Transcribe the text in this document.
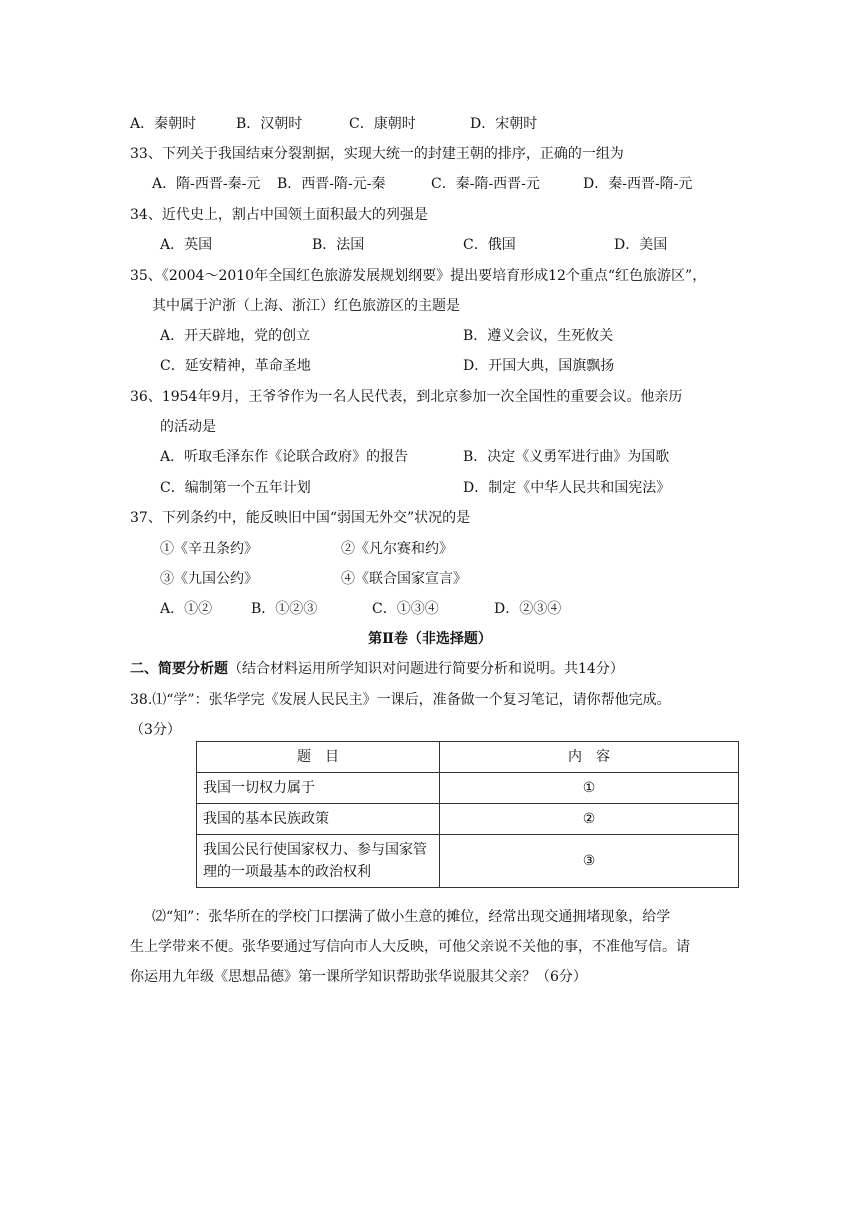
A．秦朝时	B．汉朝时	C．康朝时	D．宋朝时
33、下列关于我国结束分裂割据，实现大统一的封建王朝的排序，正确的一组为
A．隋-西晋-秦-元 B．西晋-隋-元-秦	C．秦-隋-西晋-元	D．秦-西晋-隋-元
34、近代史上，割占中国领土面积最大的列强是
A．英国	B．法国	C．俄国	D．美国
35、《2004～2010年全国红色旅游发展规划纲要》提出要培育形成12个重点“红色旅游区”，
其中属于沪浙（上海、浙江）红色旅游区的主题是
A．开天辟地，党的创立	B．遵义会议，生死攸关
C．延安精神，革命圣地	D．开国大典，国旗飘扬
36、1954年9月，王爷爷作为一名人民代表，到北京参加一次全国性的重要会议。他亲历
的活动是
A．听取毛泽东作《论联合政府》的报告	B．决定《义勇军进行曲》为国歌
C．编制第一个五年计划	D．制定《中华人民共和国宪法》
37、下列条约中，能反映旧中国“弱国无外交”状况的是
①《辛丑条约》	②《凡尔赛和约》
③《九国公约》	④《联合国家宣言》
A．①②	B．①②③	C．①③④	D．②③④
第Ⅱ卷（非选择题）
二、简要分析题（结合材料运用所学知识对问题进行简要分析和说明。共14分）
38.⑴“学”：张华学完《发展人民民主》一课后，准备做一个复习笔记，请你帮他完成。
（3分）
题　目	内　容
我国一切权力属于	①
我国的基本民族政策	②
我国公民行使国家权力、参与国家管理的一项最基本的政治权利	③
⑵“知”：张华所在的学校门口摆满了做小生意的摊位，经常出现交通拥堵现象，给学
生上学带来不便。张华要通过写信向市人大反映，可他父亲说不关他的事，不准他写信。请
你运用九年级《思想品德》第一课所学知识帮助张华说服其父亲？（6分）
